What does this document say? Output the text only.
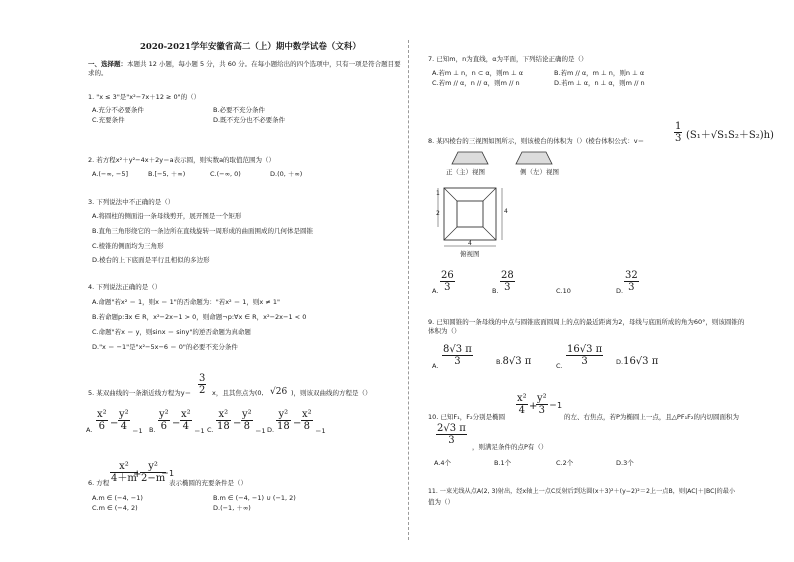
2020-2021学年安徽省高二（上）期中数学试卷（文科）
一、选择题：本题共 12 小题，每小题 5 分，共 60 分。在每小题给出的四个选项中，只有一项是符合题目要
求的。
1. "x ≤ 3"是"x²−7x＋12 ≥ 0"的（）
A.充分不必要条件	B.必要不充分条件
C.充要条件	D.既不充分也不必要条件
2. 若方程x²＋y²−4x＋2y＝a表示圆，则实数a的取值范围为（）
A.(−∞, −5]	B.[−5, ＋∞)	C.(−∞, 0)	D.(0, ＋∞)
3. 下列说法中不正确的是（）
A.将圆柱的侧面沿一条母线剪开，展开图是一个矩形
B.直角三角形绕它的一条边所在直线旋转一周形成的曲面围成的几何体是圆锥
C.棱锥的侧面均为三角形
D.棱台的上下底面是平行且相似的多边形
4. 下列说法正确的是（）
A.命题"若x² ＝ 1，则x ＝ 1"的否命题为："若x² ＝ 1，则x ≠ 1"
B.若命题p:∃x ∈ R，x²−2x−1 > 0，则命题¬p:∀x ∈ R，x²−2x−1 < 0
C.命题"若x ＝ y，则sinx ＝ siny"的逆否命题为真命题
D."x ＝ −1"是"x²−5x−6 ＝ 0"的必要不充分条件
5. 某双曲线的一条渐近线方程为y＝
3
2 x，且其焦点为(0, √26 )，则该双曲线的方程是（）
A.
x²
6 −
y²
4 ＝1 B.
y²
6 −
x²
4 ＝1 C.
x²
18 −
y²
8 ＝1 D.
y²
18 −
x²
8 ＝1
6. 方程
x²
4＋m
+
y²
2−m
＝1
表示椭圆的充要条件是（）
A.m ∈ (−4, −1)	B.m ∈ (−4, −1) ∪ (−1, 2)
C.m ∈ (−4, 2)	D.(−1, ＋∞)
7. 已知m，n为直线，α为平面，下列结论正确的是（）
A.若m ⊥ n，n ⊂ α，则m ⊥ α	B.若m // α，m ⊥ n，则n ⊥ α
C.若m // α，n // α，则m // n	D.若m ⊥ α，n ⊥ α，则m // n
8. 某四棱台的三视图如图所示，则该棱台的体积为（）(棱台体积公式：v＝
1
3 (S₁＋√S₁S₂＋S₂)h)
正（主）视图	侧（左）视图
1
2	4
4
俯视图
A.
26
3	B.
28
3	C.10	D.
32
3
9. 已知圆锥的一条母线的中点与圆锥底面圆周上的点的最近距离为2，母线与底面所成的角为60°，则该圆锥的
体积为（）
A.
8√3 π
3	B.8√3 π	C.
16√3 π
3	D.16√3 π
10. 已知F₁，F₂分别是椭圆
x²
4 +
y²
3 ＝1
的左、右焦点，若P为椭圆上一点，且△PF₁F₂的内切圆面积为
2√3 π
3
，则满足条件的点P有（）
A.4个	B.1个	C.2个	D.3个
11. 一束光线从点A(2, 3)射出，经x轴上一点C反射后到达圆(x＋3)²＋(y−2)²＝2上一点B，则|AC|＋|BC|的最小
值为（）
